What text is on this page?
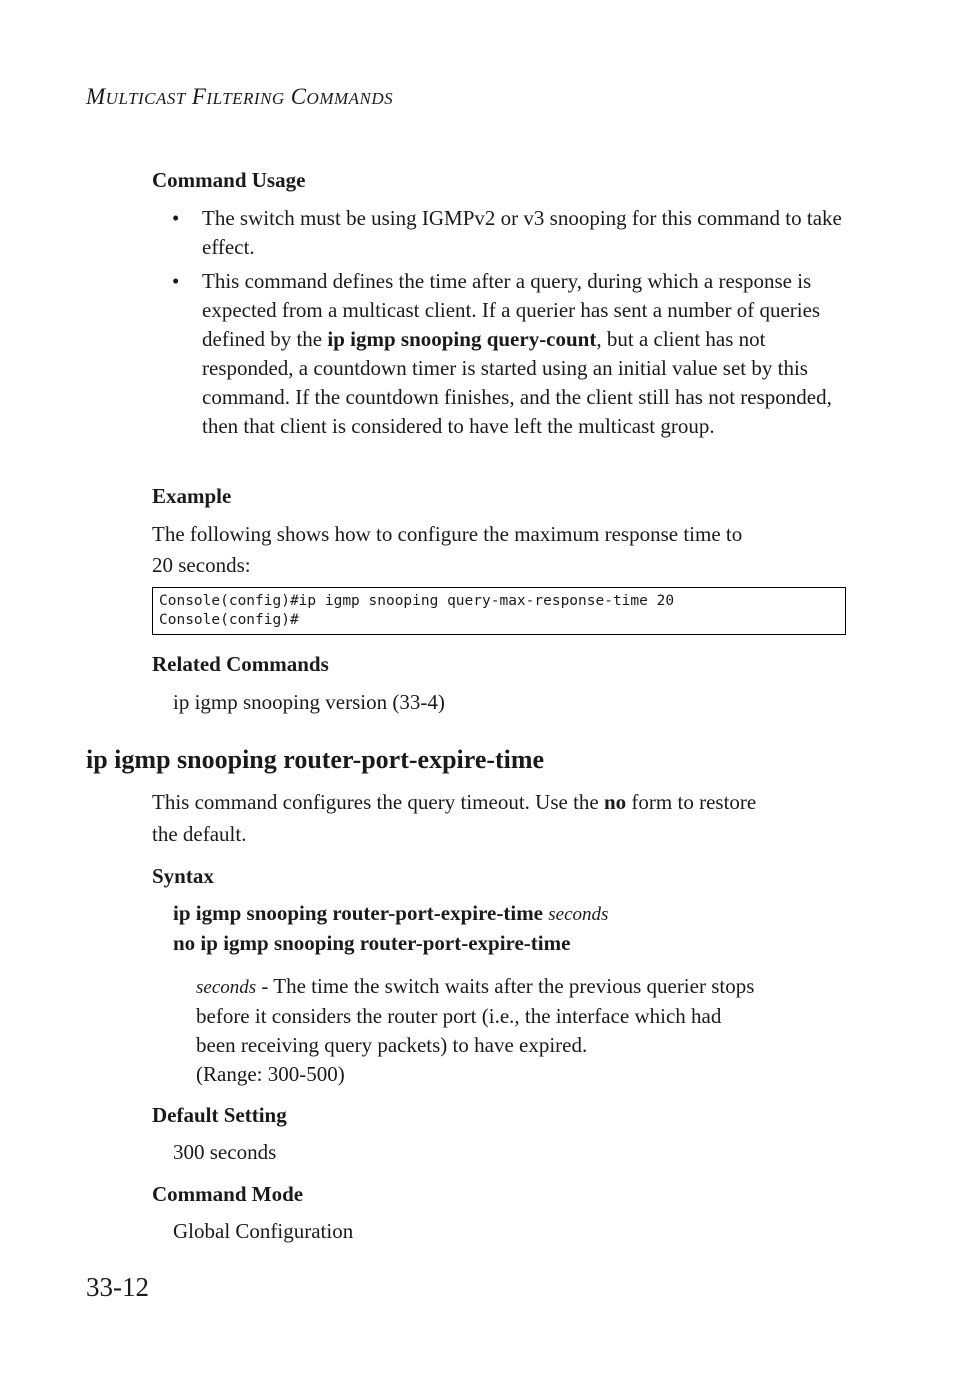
MULTICAST FILTERING COMMANDS
Command Usage
• The switch must be using IGMPv2 or v3 snooping for this command to take effect.
• This command defines the time after a query, during which a response is expected from a multicast client. If a querier has sent a number of queries defined by the ip igmp snooping query-count, but a client has not responded, a countdown timer is started using an initial value set by this command. If the countdown finishes, and the client still has not responded, then that client is considered to have left the multicast group.
Example
The following shows how to configure the maximum response time to
20 seconds:
Console(config)#ip igmp snooping query-max-response-time 20
Console(config)#
Related Commands
ip igmp snooping version (33-4)
ip igmp snooping router-port-expire-time
This command configures the query timeout. Use the no form to restore
the default.
Syntax
ip igmp snooping router-port-expire-time seconds
no ip igmp snooping router-port-expire-time
seconds - The time the switch waits after the previous querier stops
before it considers the router port (i.e., the interface which had
been receiving query packets) to have expired.
(Range: 300-500)
Default Setting
300 seconds
Command Mode
Global Configuration
33-12
